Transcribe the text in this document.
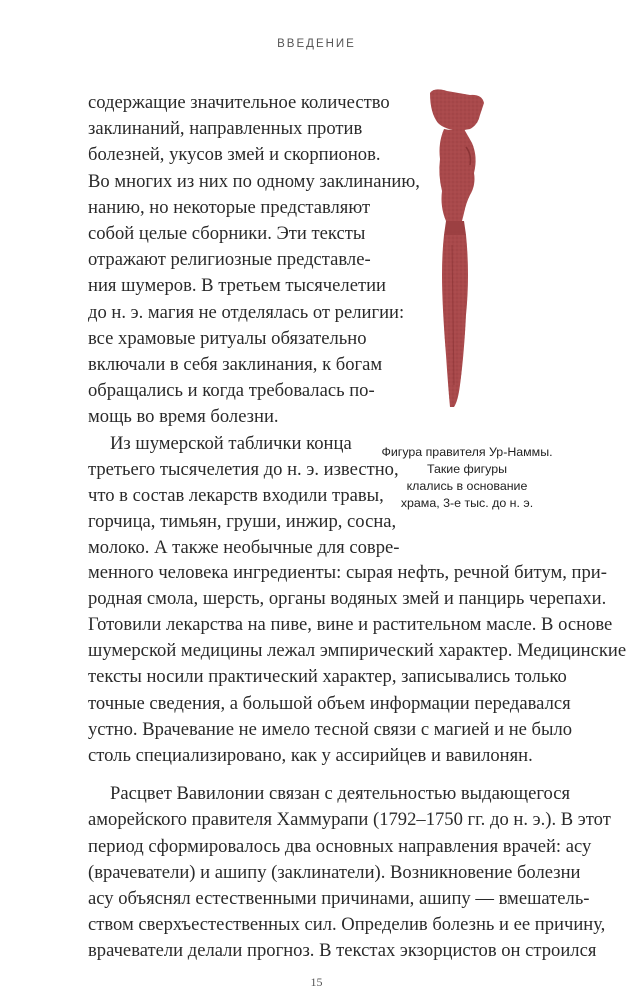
ВВЕДЕНИЕ
содержащие значительное количество
заклинаний, направленных против
болезней, укусов змей и скорпионов.
Во многих из них по одному заклинанию,
нанию, но некоторые представляют
собой целые сборники. Эти тексты
отражают религиозные представле-
ния шумеров. В третьем тысячелетии
до н. э. магия не отделялась от религии:
все храмовые ритуалы обязательно
включали в себя заклинания, к богам
обращались и когда требовалась по-
мощь во время болезни.
Из шумерской таблички конца
третьего тысячелетия до н. э. известно,
что в состав лекарств входили травы,
горчица, тимьян, груши, инжир, сосна,
молоко. А также необычные для совре-
менного человека ингредиенты: сырая нефть, речной битум, при-
родная смола, шерсть, органы водяных змей и панцирь черепахи.
Готовили лекарства на пиве, вине и растительном масле. В основе
шумерской медицины лежал эмпирический характер. Медицинские
тексты носили практический характер, записывались только
точные сведения, а большой объем информации передавался
устно. Врачевание не имело тесной связи с магией и не было
столь специализировано, как у ассирийцев и вавилонян.
Расцвет Вавилонии связан с деятельностью выдающегося
аморейского правителя Хаммурапи (1792–1750 гг. до н. э.). В этот
период сформировалось два основных направления врачей: асу
(врачеватели) и ашипу (заклинатели). Возникновение болезни
асу объяснял естественными причинами, ашипу — вмешатель-
ством сверхъестественных сил. Определив болезнь и ее причину,
врачеватели делали прогноз. В текстах экзорцистов он строился
Фигура правителя Ур-Наммы.
Такие фигуры
клались в основание
храма, 3-е тыс. до н. э.
15
